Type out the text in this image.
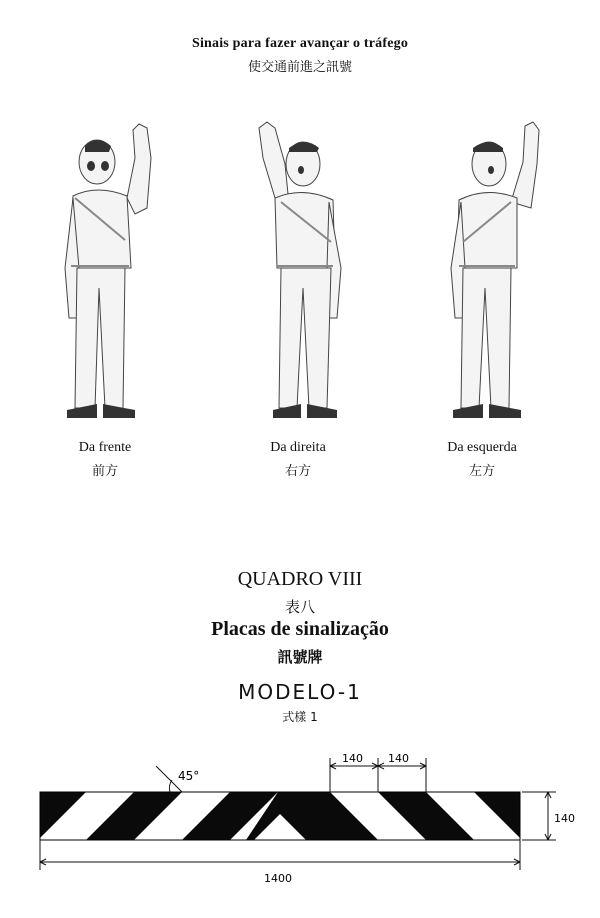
Sinais para fazer avançar o tráfego
使交通前進之訊號
Da frente
前方
Da direita
右方
Da esquerda
左方
QUADRO VIII
表八
Placas de sinalização
訊號牌
MODELO-1
式樣 1
45°
140 140
140
1400
